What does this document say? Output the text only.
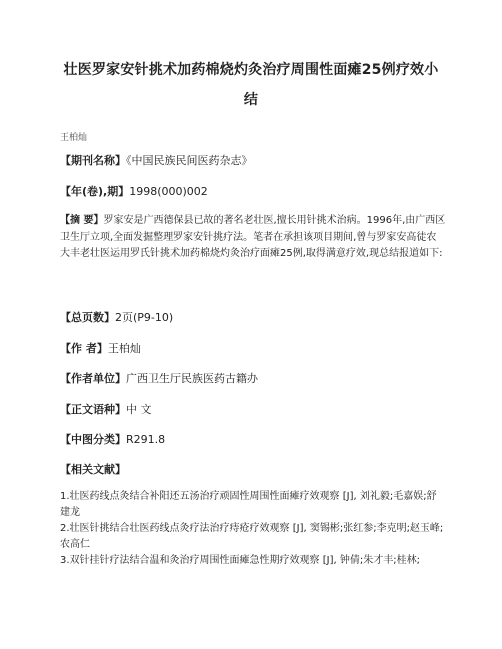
壮医罗家安针挑术加药棉烧灼灸治疗周围性面瘫25例疗效小结
王柏灿
【期刊名称】《中国民族民间医药杂志》
【年(卷),期】1998(000)002
【摘 要】罗家安是广西德保县已故的著名老壮医,擅长用针挑术治病。1996年,由广西区卫生厅立项,全面发掘整理罗家安针挑疗法。笔者在承担该项目期间,曾与罗家安高徒农大丰老壮医运用罗氏针挑术加药棉烧灼灸治疗面瘫25例,取得满意疗效,现总结报道如下:
【总页数】2页(P9-10)
【作 者】王柏灿
【作者单位】广西卫生厅民族医药古籍办
【正文语种】中 文
【中图分类】R291.8
【相关文献】

1.壮医药线点灸结合补阳还五汤治疗顽固性周围性面瘫疗效观察 [J], 刘礼毅;毛嘉娱;舒建龙

2.壮医针挑结合壮医药线点灸疗法治疗痔疮疗效观察 [J], 窦锡彬;张红参;李克明;赵玉峰;农高仁

3.双针挂针疗法结合温和灸治疗周围性面瘫急性期疗效观察 [J], 钟倩;朱才丰;桂林;
